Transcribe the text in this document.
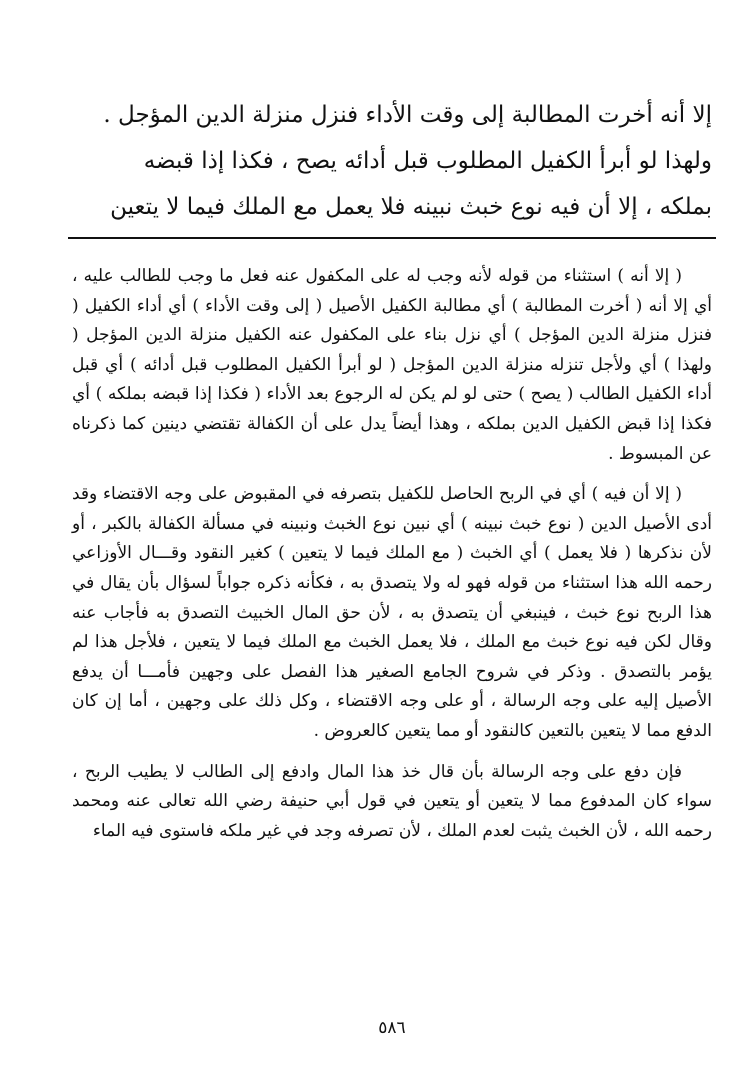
إلا أنه أخرت المطالبة إلى وقت الأداء فنزل منزلة الدين المؤجل .

ولهذا لو أبرأ الكفيل المطلوب قبل أدائه يصح ، فكذا إذا قبضه

بملكه ، إلا أن فيه نوع خبث نبينه فلا يعمل مع الملك فيما لا يتعين

( إلا أنه ) استثناء من قوله لأنه وجب له على المكفول عنه فعل ما وجب للطالب عليه ، أي إلا أنه ( أخرت المطالبة ) أي مطالبة الكفيل الأصيل ( إلى وقت الأداء ) أي أداء الكفيل ( فنزل منزلة الدين المؤجل ) أي نزل بناء على المكفول عنه الكفيل منزلة الدين المؤجل ( ولهذا ) أي ولأجل تنزله منزلة الدين المؤجل ( لو أبرأ الكفيل المطلوب قبل أدائه ) أي قبل أداء الكفيل الطالب ( يصح ) حتى لو لم يكن له الرجوع بعد الأداء ( فكذا إذا قبضه بملكه ) أي فكذا إذا قبض الكفيل الدين بملكه ، وهذا أيضاً يدل على أن الكفالة تقتضي دينين كما ذكرناه عن المبسوط .

( إلا أن فيه ) أي في الربح الحاصل للكفيل بتصرفه في المقبوض على وجه الاقتضاء وقد أدى الأصيل الدين ( نوع خبث نبينه ) أي نبين نوع الخبث ونبينه في مسألة الكفالة بالكبر ، أو لأن نذكرها ( فلا يعمل ) أي الخبث ( مع الملك فيما لا يتعين ) كغير النقود وقـــال الأوزاعي رحمه الله هذا استثناء من قوله فهو له ولا يتصدق به ، فكأنه ذكره جواباً لسؤال بأن يقال في هذا الربح نوع خبث ، فينبغي أن يتصدق به ، لأن حق المال الخبيث التصدق به فأجاب عنه وقال لكن فيه نوع خبث مع الملك ، فلا يعمل الخبث مع الملك فيما لا يتعين ، فلأجل هذا لم يؤمر بالتصدق . وذكر في شروح الجامع الصغير هذا الفصل على وجهين فأمـــا أن يدفع الأصيل إليه على وجه الرسالة ، أو على وجه الاقتضاء ، وكل ذلك على وجهين ، أما إن كان الدفع مما لا يتعين بالتعين كالنقود أو مما يتعين كالعروض .

فإن دفع على وجه الرسالة بأن قال خذ هذا المال وادفع إلى الطالب لا يطيب الربح ، سواء كان المدفوع مما لا يتعين أو يتعين في قول أبي حنيفة رضي الله تعالى عنه ومحمد رحمه الله ، لأن الخبث يثبت لعدم الملك ، لأن تصرفه وجد في غير ملكه فاستوى فيه الماء

٥٨٦
